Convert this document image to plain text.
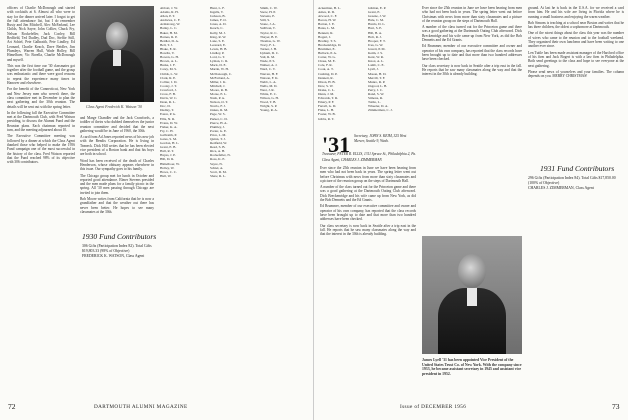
officers of Charlie McDonough and started with cocktails at 6. Almost all who were to stay for the dinner arrived later. I forgot to get the full attendance list, but I do remember Rusty and Jim Mitchell, Alec McFarland, Lee Childs, Nick Sayre, John Collier, Chuck Fry, Nelson Rockefeller, Jack Cooley, Bill Redfield, Ted Dudley, Dud Doc, Steffie Still, Art Schiel, Pete Galbraith, Pete Lindley, Ed Leonard, Charlie Keach, Dave Beidler, Jim Plumleys, Warren Hull, Wade Holley, Bill Himelboer, Vic Borella, Charlie McDonough and myself.

This was the first time our '30 classmates got together after the football game, and the group was enthusiastic and there were good reasons to repeat the experience many times in Hanover and elsewhere.

For the benefit of the Connecticut, New York and New Jersey men who weren't there, the class committee met in December to plan the next gathering and the 30th reunion. The details will be sent out with the spring letter.

In the following fall the Executive Committee met at the Dartmouth Club, with Fred Watson presiding, to discuss the Alumni Fund and the Reunion plans. Each chairman reported in turn, and the meeting adjourned about 10.

The Executive Committee meeting was followed by a dinner at which the Class Agent thanked those who helped to make the 1956 Fund campaign one of the most successful in the history of the class. Fred Watson reported that the Fund reached 98% of its objective with 306 contributors.

Class Agent Frederick K. Watson '30

and Marge Chandler and the Jack Crawfords, a toddler of theirs who dubbed themselves the junior reunion committee and decided that the next gathering would be in June of 1960, the 30th.

A card from Ad Jones reported news of his new job with the Bendix Corporation. He is living in Teaneck. Dick Hill writes that he has been elected vice president of a Boston bank and that his boys are both in school.

Word has been received of the death of Charles Henderson, whose obituary appears elsewhere in this issue. Our sympathy goes to his family.

The Chicago group met for lunch in October and reported good attendance. Elmer Stevens presided and the men made plans for a family picnic in the spring. All '30 men passing through Chicago are invited to join them.

Bob Moore writes from California that he is now a grandfather and that the weather out there has never been better. He hopes to see many classmates at the 30th.

1930 Fund Contributors
306 Gifts (Participation Index 82). Total Gifts $19,803.33 (98% of Objective)
FREDERICK K. WATSON, Class Agent
Abbott, J. W.
Adams, R. H.
Allen, P. T.
Andrews, C. F.
Armstrong, W.
Bailey, L. C.
Baker, H. M.
Barnes, R. P.
Beidler, D. A.
Bell, T. J.
Blake, E. R.
Borella, V.
Bowen, G. H.
Brown, A. L.
Burke, J. F.
Carey, M. S.
Childs, L. W.
Clark, R. E.
Collier, J. D.
Cooley, J. T.
Crawford, J.
Cross, F. B.
Davis, W. C.
Dean, R. L.
Doc, D.
Dudley, T.
Eaton, P. G.
Ellis, N. R.
Evans, D. W.
Fisher, K. A.
Fry, C. H.
Galbraith, P.
Gates, S. M.
Gordon, H. L.
Grant, E. B.
Hall, R. T.
Hayes, J. P.
Hill, D. R.
Himelboer, W.
Holley, W.
Howe, C. C.
Hull, W.
Hunt, L. F.
Ingalls, T.
Jackson, B.
James, F. O.
Jones, A. D.
Keach, C.
Kelly, M. J.
King, R. W.
Lane, S. E.
Leonard, E.
Lewis, H. B.
Lindley, P.
Lord, G. T.
Lyman, C. R.
Mack, D. E.
Martin, W. H.
McDonough, C.
McFarland, A.
Miller, J. K.
Mitchell, J.
Moore, R. B.
Morse, E. L.
Nash, P. A.
Nelson, O. T.
Norris, F. J.
Oakes, R. M.
Page, W. S.
Parker, C. D.
Pierce, H. A.
Plumley, J.
Porter, G. E.
Price, L. M.
Quinn, T. J.
Redfield, W.
Reed, S. B.
Rice, A. H.
Rockefeller, N.
Ross, K. E.
Sayre, N.
Schiel, A.
Scott, D. M.
Shaw, R. L.
Smith, C. W.
Snow, H. P.
Stevens, E.
Still, S.
Stone, J. A.
Sullivan, T.
Taylor, R. C.
Thayer, B. E.
Thomas, G. W.
Tracy, F. L.
Turner, J. H.
Upham, D. C.
Vail, R. M.
Wade, P. S.
Walker, A. J.
Ward, C. T.
Warren, H. F.
Watson, F. K.
Webb, L. A.
Wells, M. D.
West, J. R.
White, E. C.
Wilson, G. H.
Wood, T. B.
Wright, S. P.
Young, R. A.
72	DARTMOUTH ALUMNI MAGAZINE
Ackerman, B. L.
Ames, R. D.
Atwood, C. F.
Bacon, H. W.
Barton, J. E.
Bates, L. M.
Bennett, R.
Bogert, J.
Bradley, T. S.
Breckenridge, D.
Brummer, E.
Bullock, P. A.
Carter, W. G.
Chase, M. E.
Cole, F. R.
Cook, A. T.
Cushing, D. P.
Dennett, R.
Dixon, H. B.
Dow, S. W.
Drake, C. L.
Dunn, J. M.
Edwards, T. R.
Emery, P. F.
Farrell, G. D.
Fiske, L. H.
Foster, W. B.
Gibbs, R. T.
Gilman, E. P.
Grant, E.
Greene, J. W.
Hale, C. M.
Harris, D. L.
Hart, S. E.
Hill, B. A.
Holt, R. J.
Hooper, F. T.
Ives, G. W.
Jewett, P. M.
Keim, J. S.
Kent, W. R.
Knox, A. L.
Lamb, C. E.
Lyell, J.
Mason, H. D.
Merrill, T. F.
Munro, R. P.
Osgood, L. B.
Perry, J. C.
Rand, S. W.
Simons, R.
Tuttle, L.
Wheeler, D. A.
Zimmerman, C. J.
'31 Secretary, JOHN S. KEIM, 325 West Mercer, Seattle 9, Wash.
Treasurer, PETER R. ELLIS, 1311 Spruce St., Philadelphia 2, Pa.
Class Agent, CHARLES J. ZIMMERMAN

Ever since the 25th reunion in June we have been hearing from men who had not been back in years. The spring letter went out before Christmas with news from more than sixty classmates and a picture of the reunion group on the steps of Dartmouth Hall.

A number of the class turned out for the Princeton game and there was a good gathering at the Dartmouth Outing Club afterward. Dick Breckenridge and his wife came up from New York, as did the Bob Dennetts and the Ed Grants.

Ed Brummer, member of our executive committee and owner and operator of his own company, has reported that the class records have been brought up to date and that more than two hundred addresses have been checked.

Our class secretary is now back in Seattle after a trip east in the fall. He reports that he saw many classmates along the way and that the interest in the 30th is already building.

Ever since the 25th reunion in June we have been hearing from men who had not been back in years. The spring letter went out before Christmas with news from more than sixty classmates and a picture of the reunion group on the steps of Dartmouth Hall.

A number of the class turned out for the Princeton game and there was a good gathering at the Dartmouth Outing Club afterward. Dick Breckenridge and his wife came up from New York, as did the Bob Dennetts and the Ed Grants.

Ed Brummer, member of our executive committee and owner and operator of his own company, has reported that the class records have been brought up to date and that more than two hundred addresses have been checked.

Our class secretary is now back in Seattle after a trip east in the fall. He reports that he saw many classmates along the way and that the interest in the 30th is already building.

James Lyell '31 has been appointed Vice President of the United States Trust Co. of New York. With the company since 1933, he became assistant secretary in 1945 and assistant vice president in 1952.

ground. At last he is back in the U.S.A. for we received a card from him. He and his wife are living in Florida where he is running a small business and enjoying the warm weather.

Bob Simons is teaching at a school near Boston and writes that he has three children, the oldest a sophomore at Dartmouth.

One of the nicest things about the class this year was the number of wives who came to the reunion and to the football weekend. They organized their own luncheon and have been writing to one another ever since.

Len Tuttle has been made assistant manager of the Hartford office of his firm and Jack Bogert is with a law firm in Philadelphia. Both send greetings to the class and hope to see everyone at the next gathering.

Please send news of yourselves and your families. The column depends on you. MERRY CHRISTMAS!

1931 Fund Contributors
296 Gifts (Participation Index 84). Total Gifts $17,850.00 (100% of Objective)
CHARLES J. ZIMMERMAN, Class Agent
Issue of DECEMBER 1956	73
